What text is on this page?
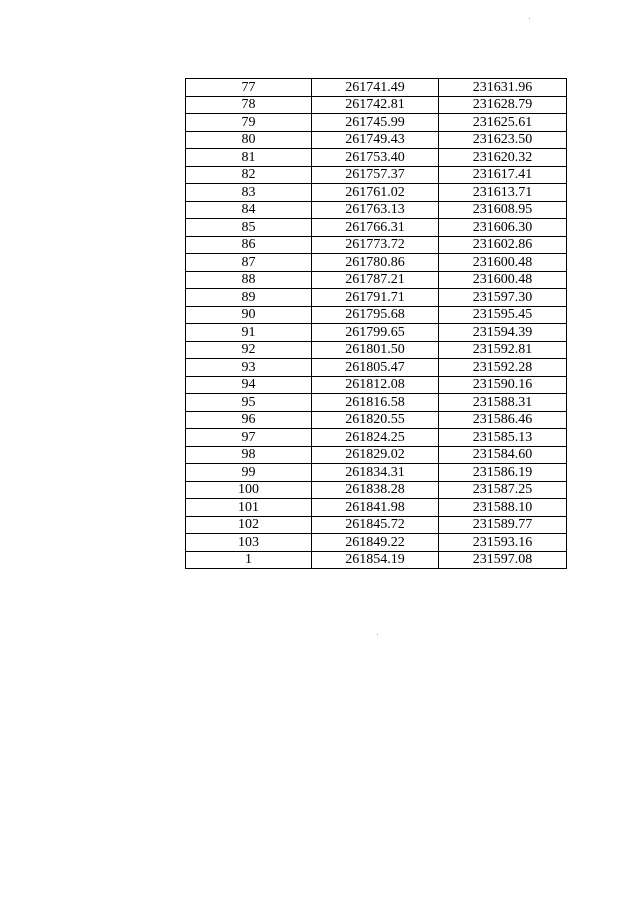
77	261741.49	231631.96
78	261742.81	231628.79
79	261745.99	231625.61
80	261749.43	231623.50
81	261753.40	231620.32
82	261757.37	231617.41
83	261761.02	231613.71
84	261763.13	231608.95
85	261766.31	231606.30
86	261773.72	231602.86
87	261780.86	231600.48
88	261787.21	231600.48
89	261791.71	231597.30
90	261795.68	231595.45
91	261799.65	231594.39
92	261801.50	231592.81
93	261805.47	231592.28
94	261812.08	231590.16
95	261816.58	231588.31
96	261820.55	231586.46
97	261824.25	231585.13
98	261829.02	231584.60
99	261834.31	231586.19
100	261838.28	231587.25
101	261841.98	231588.10
102	261845.72	231589.77
103	261849.22	231593.16
1	261854.19	231597.08
